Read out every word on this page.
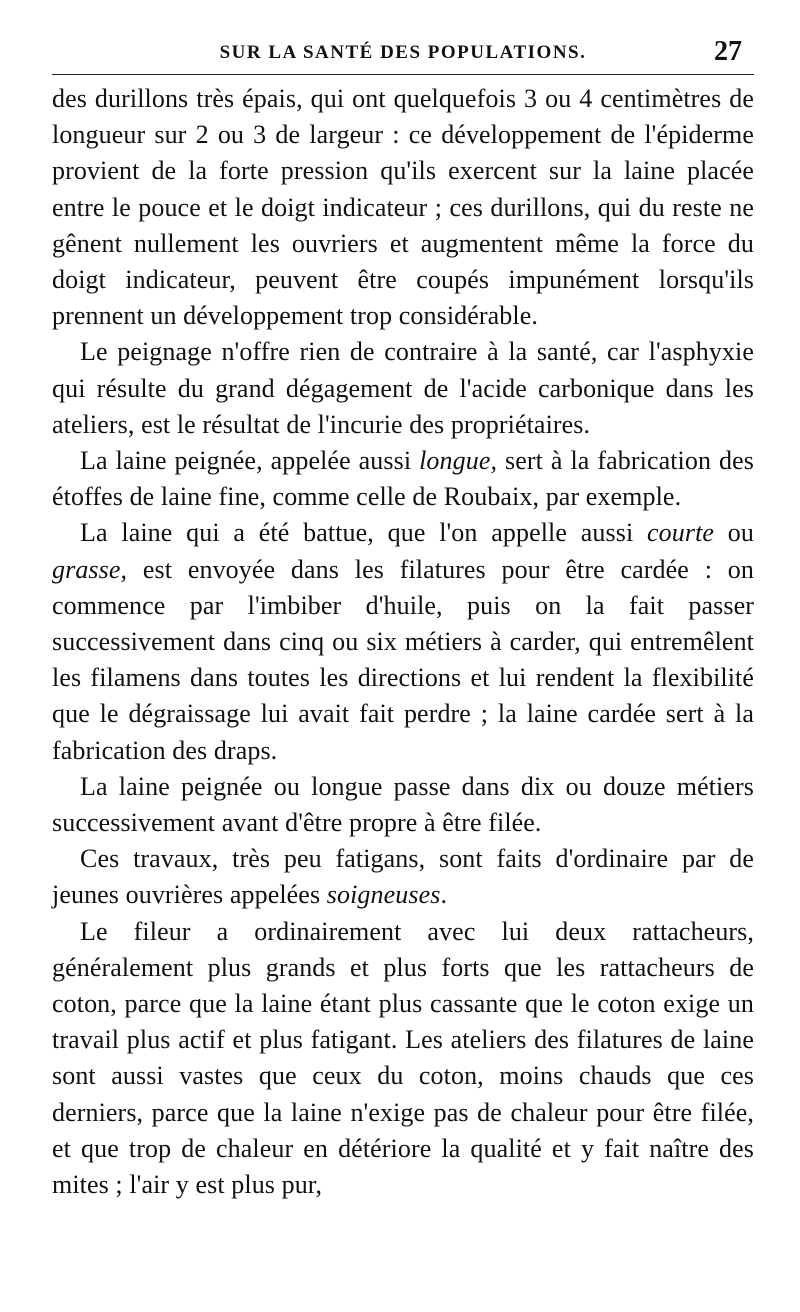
SUR LA SANTÉ DES POPULATIONS.	27

des durillons très épais, qui ont quelquefois 3 ou 4 centimètres de longueur sur 2 ou 3 de largeur : ce développement de l'épiderme provient de la forte pression qu'ils exercent sur la laine placée entre le pouce et le doigt indicateur ; ces durillons, qui du reste ne gênent nullement les ouvriers et augmentent même la force du doigt indicateur, peuvent être coupés impunément lorsqu'ils prennent un développement trop considérable.

Le peignage n'offre rien de contraire à la santé, car l'asphyxie qui résulte du grand dégagement de l'acide carbonique dans les ateliers, est le résultat de l'incurie des propriétaires.

La laine peignée, appelée aussi longue, sert à la fabrication des étoffes de laine fine, comme celle de Roubaix, par exemple.

La laine qui a été battue, que l'on appelle aussi courte ou grasse, est envoyée dans les filatures pour être cardée : on commence par l'imbiber d'huile, puis on la fait passer successivement dans cinq ou six métiers à carder, qui entremêlent les filamens dans toutes les directions et lui rendent la flexibilité que le dégraissage lui avait fait perdre ; la laine cardée sert à la fabrication des draps.

La laine peignée ou longue passe dans dix ou douze métiers successivement avant d'être propre à être filée.

Ces travaux, très peu fatigans, sont faits d'ordinaire par de jeunes ouvrières appelées soigneuses.

Le fileur a ordinairement avec lui deux rattacheurs, généralement plus grands et plus forts que les rattacheurs de coton, parce que la laine étant plus cassante que le coton exige un travail plus actif et plus fatigant. Les ateliers des filatures de laine sont aussi vastes que ceux du coton, moins chauds que ces derniers, parce que la laine n'exige pas de chaleur pour être filée, et que trop de chaleur en détériore la qualité et y fait naître des mites ; l'air y est plus pur,
